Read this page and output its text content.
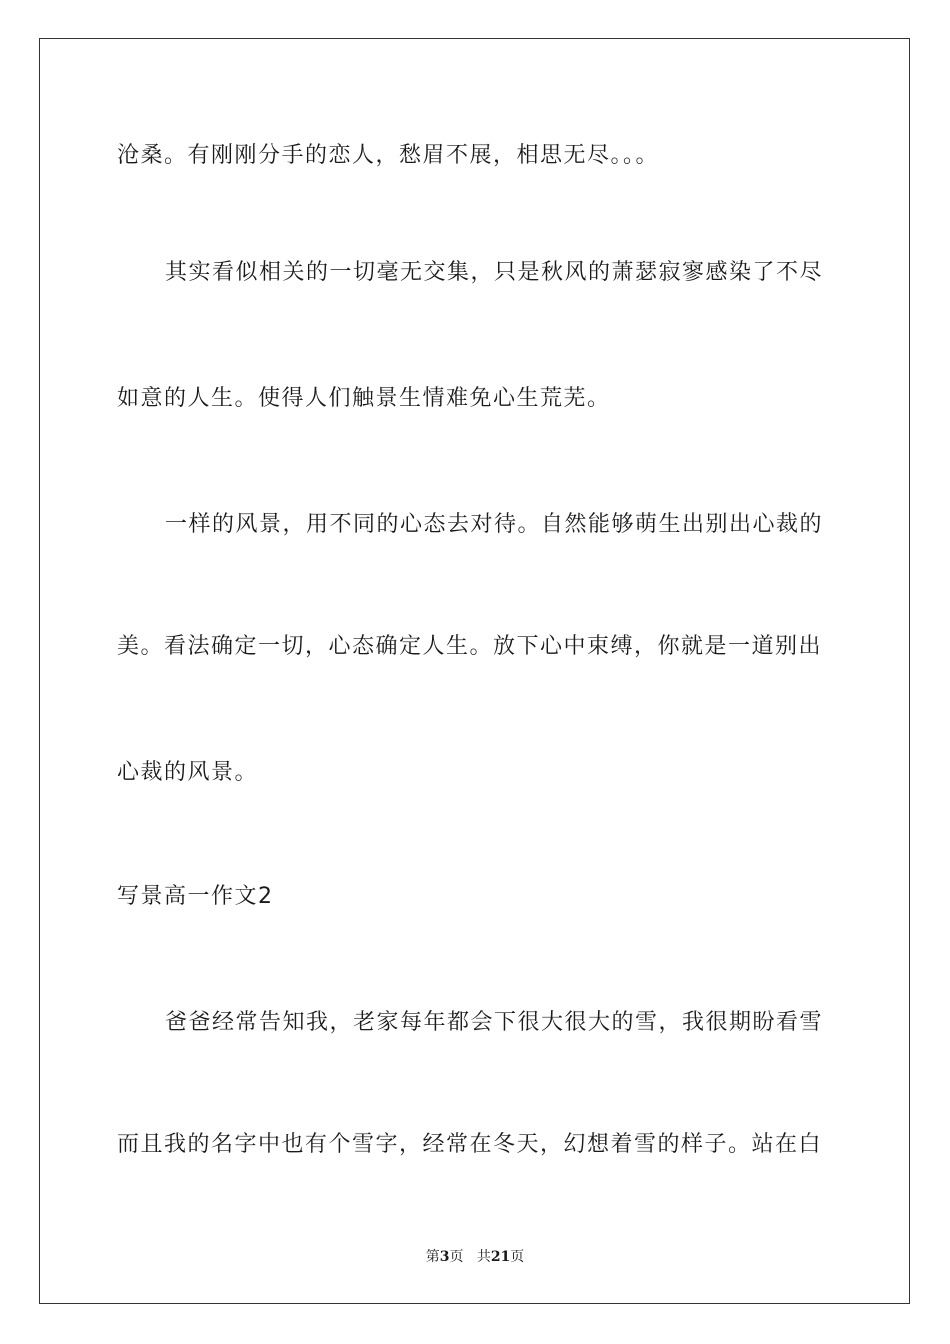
沧桑。有刚刚分手的恋人，愁眉不展，相思无尽。。。
其实看似相关的一切毫无交集，只是秋风的萧瑟寂寥感染了不尽
如意的人生。使得人们触景生情难免心生荒芜。
一样的风景，用不同的心态去对待。自然能够萌生出别出心裁的
美。看法确定一切，心态确定人生。放下心中束缚，你就是一道别出
心裁的风景。
写景高一作文2
爸爸经常告知我，老家每年都会下很大很大的雪，我很期盼看雪
而且我的名字中也有个雪字，经常在冬天，幻想着雪的样子。站在白
第3页 共21页
